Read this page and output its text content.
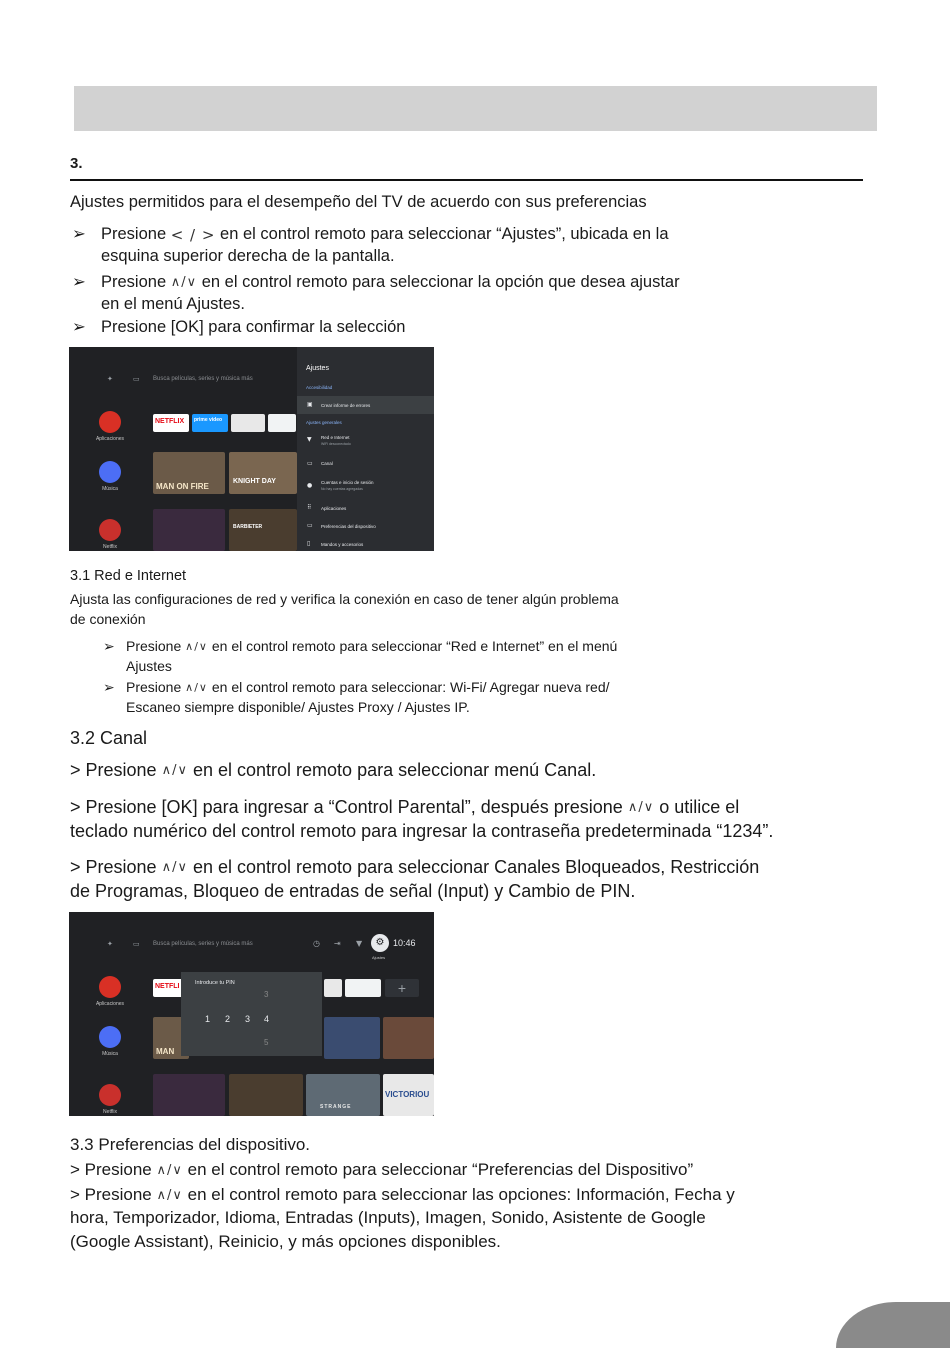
3.
Ajustes permitidos para el desempeño del TV de acuerdo con sus preferencias
➢ Presione < / > en el control remoto para seleccionar “Ajustes”, ubicada en la
esquina superior derecha de la pantalla.
➢ Presione ∧/∨ en el control remoto para seleccionar la opción que desea ajustar
en el menú Ajustes.
➢ Presione [OK] para confirmar la selección
✦	▭ Busca películas, series y música más
Aplicaciones
Música
Netflix
NETFLIX prime video
MAN ON FIRE
KNIGHT DAY
BARBIETER
Ajustes
Accesibilidad
▣ Crear informe de errores
Ajustes generales
▼ Red e Internet
WiFi desconectado
▭ Canal
● Cuentas e inicio de sesión
No hay cuentas agregadas
⠿ Aplicaciones
▭ Preferencias del dispositivo
▯ Mandos y accesorios
3.1 Red e Internet
Ajusta las configuraciones de red y verifica la conexión en caso de tener algún problema
de conexión
➢ Presione ∧/∨ en el control remoto para seleccionar “Red e Internet” en el menú
Ajustes
➢ Presione ∧/∨ en el control remoto para seleccionar: Wi-Fi/ Agregar nueva red/
Escaneo siempre disponible/ Ajustes Proxy / Ajustes IP.
3.2 Canal
> Presione ∧/∨ en el control remoto para seleccionar menú Canal.
> Presione [OK] para ingresar a “Control Parental”, después presione ∧/∨ o utilice el
teclado numérico del control remoto para ingresar la contraseña predeterminada “1234”.
> Presione ∧/∨ en el control remoto para seleccionar Canales Bloqueados, Restricción
de Programas, Bloqueo de entradas de señal (Input) y Cambio de PIN.
✦	▭ Busca películas, series y música más	◷ ⇥ ▼	⚙ 10:46
Ajustes
Aplicaciones
Música
Netflix
NETFLI	+
MAN
STRANGE
VICTORIOU
Introduce tu PIN
3
1 2 3 4
5
3.3 Preferencias del dispositivo.
> Presione ∧/∨ en el control remoto para seleccionar “Preferencias del Dispositivo”
> Presione ∧/∨ en el control remoto para seleccionar las opciones: Información, Fecha y
hora, Temporizador, Idioma, Entradas (Inputs), Imagen, Sonido, Asistente de Google
(Google Assistant), Reinicio, y más opciones disponibles.
